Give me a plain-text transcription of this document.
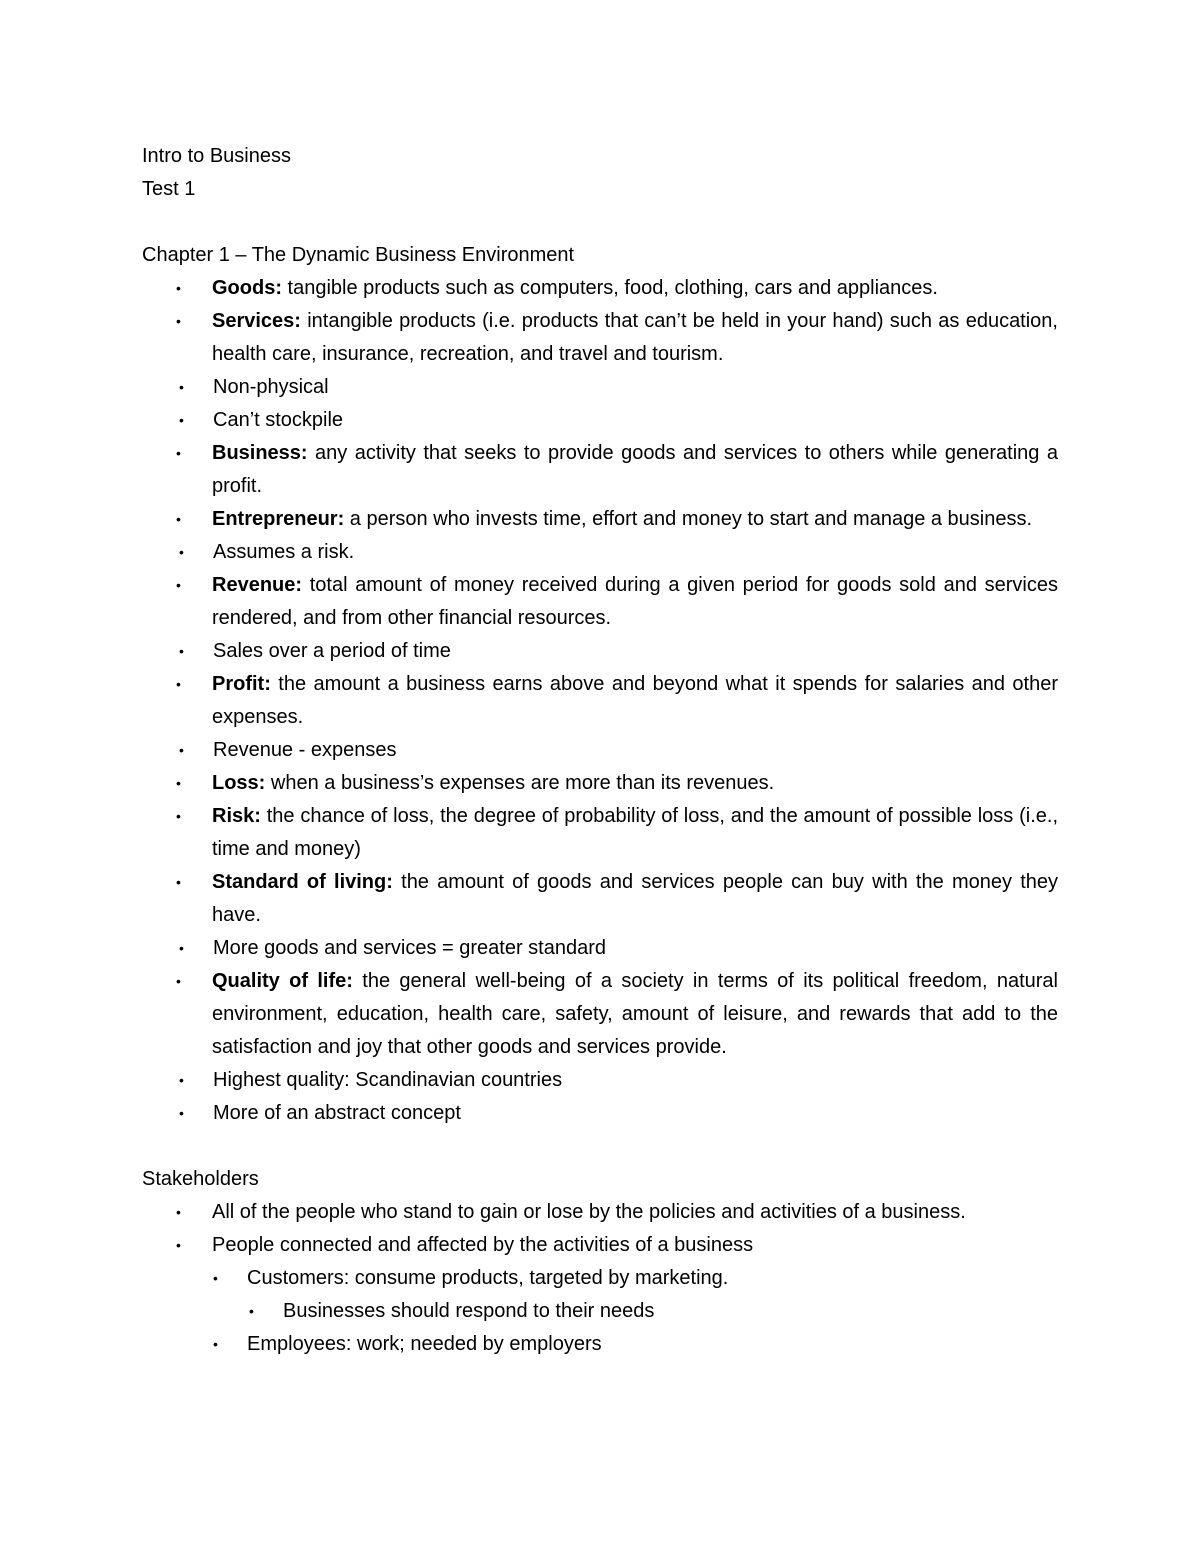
Intro to Business

Test 1

Chapter 1 – The Dynamic Business Environment

• Goods: tangible products such as computers, food, clothing, cars and appliances.
• Services: intangible products (i.e. products that can’t be held in your hand) such as education, health care, insurance, recreation, and travel and tourism.
• Non-physical
• Can’t stockpile
• Business: any activity that seeks to provide goods and services to others while generating a profit.
• Entrepreneur: a person who invests time, effort and money to start and manage a business.
• Assumes a risk.
• Revenue: total amount of money received during a given period for goods sold and services rendered, and from other financial resources.
• Sales over a period of time
• Profit: the amount a business earns above and beyond what it spends for salaries and other expenses.
• Revenue - expenses
• Loss: when a business’s expenses are more than its revenues.
• Risk: the chance of loss, the degree of probability of loss, and the amount of possible loss (i.e., time and money)
• Standard of living: the amount of goods and services people can buy with the money they have.
• More goods and services = greater standard
• Quality of life: the general well-being of a society in terms of its political freedom, natural environment, education, health care, safety, amount of leisure, and rewards that add to the satisfaction and joy that other goods and services provide.
• Highest quality: Scandinavian countries
• More of an abstract concept

Stakeholders

• All of the people who stand to gain or lose by the policies and activities of a business.
• People connected and affected by the activities of a business
• Customers: consume products, targeted by marketing.
• Businesses should respond to their needs
• Employees: work; needed by employers
